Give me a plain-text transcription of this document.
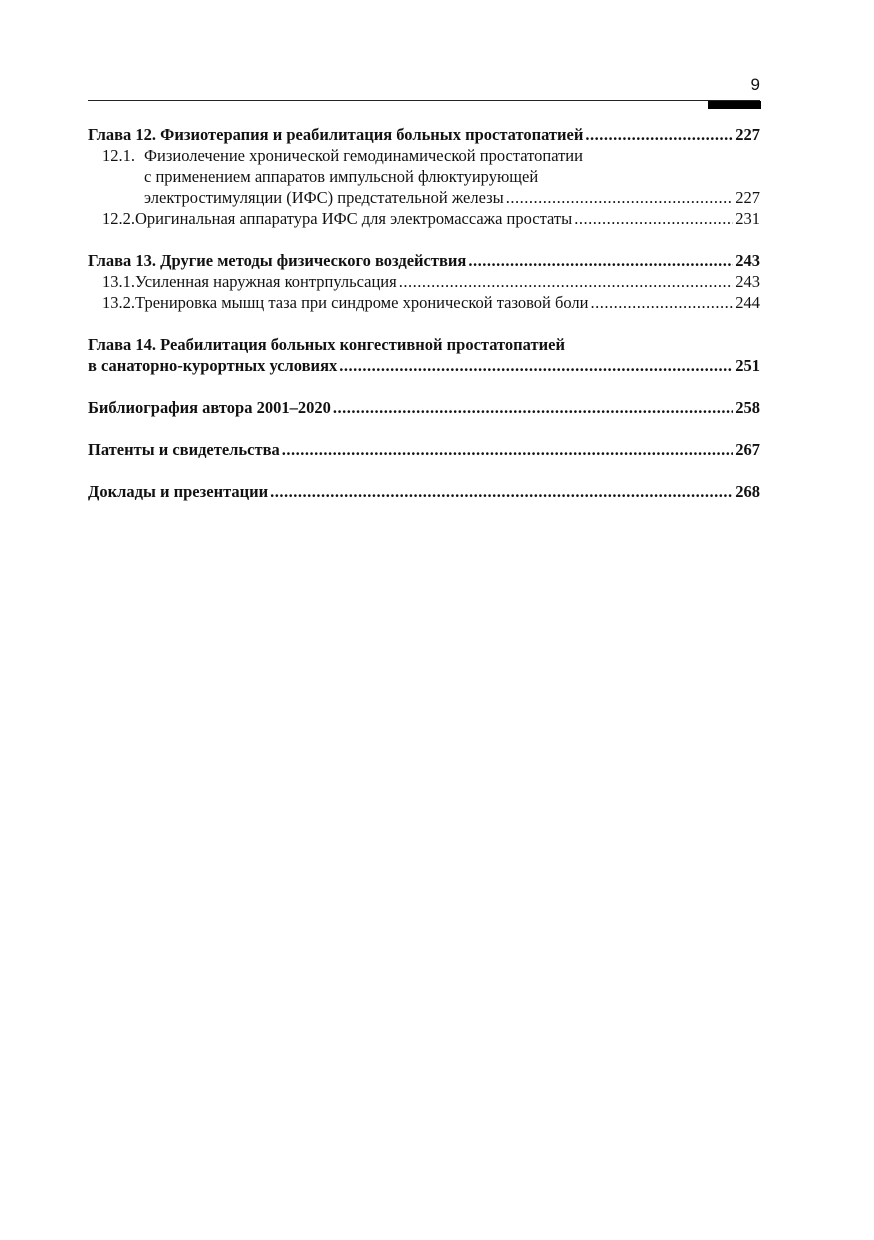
9
Глава 12. Физиотерапия и реабилитация больных простатопатией .....	227
12.1. Физиолечение хронической гемодинамической простатопатии
с применением аппаратов импульсной флюктуирующей
электростимуляции (ИФС) предстательной железы .....	227
12.2. Оригинальная аппаратура ИФС для электромассажа простаты .....	231
Глава 13. Другие методы физического воздействия .....	243
13.1. Усиленная наружная контрпульсация .....	243
13.2. Тренировка мышц таза при синдроме хронической тазовой боли .....	244
Глава 14. Реабилитация больных конгестивной простатопатией
в санаторно-курортных условиях .....	251
Библиография автора 2001–2020 .....	258
Патенты и свидетельства .....	267
Доклады и презентации .....	268
